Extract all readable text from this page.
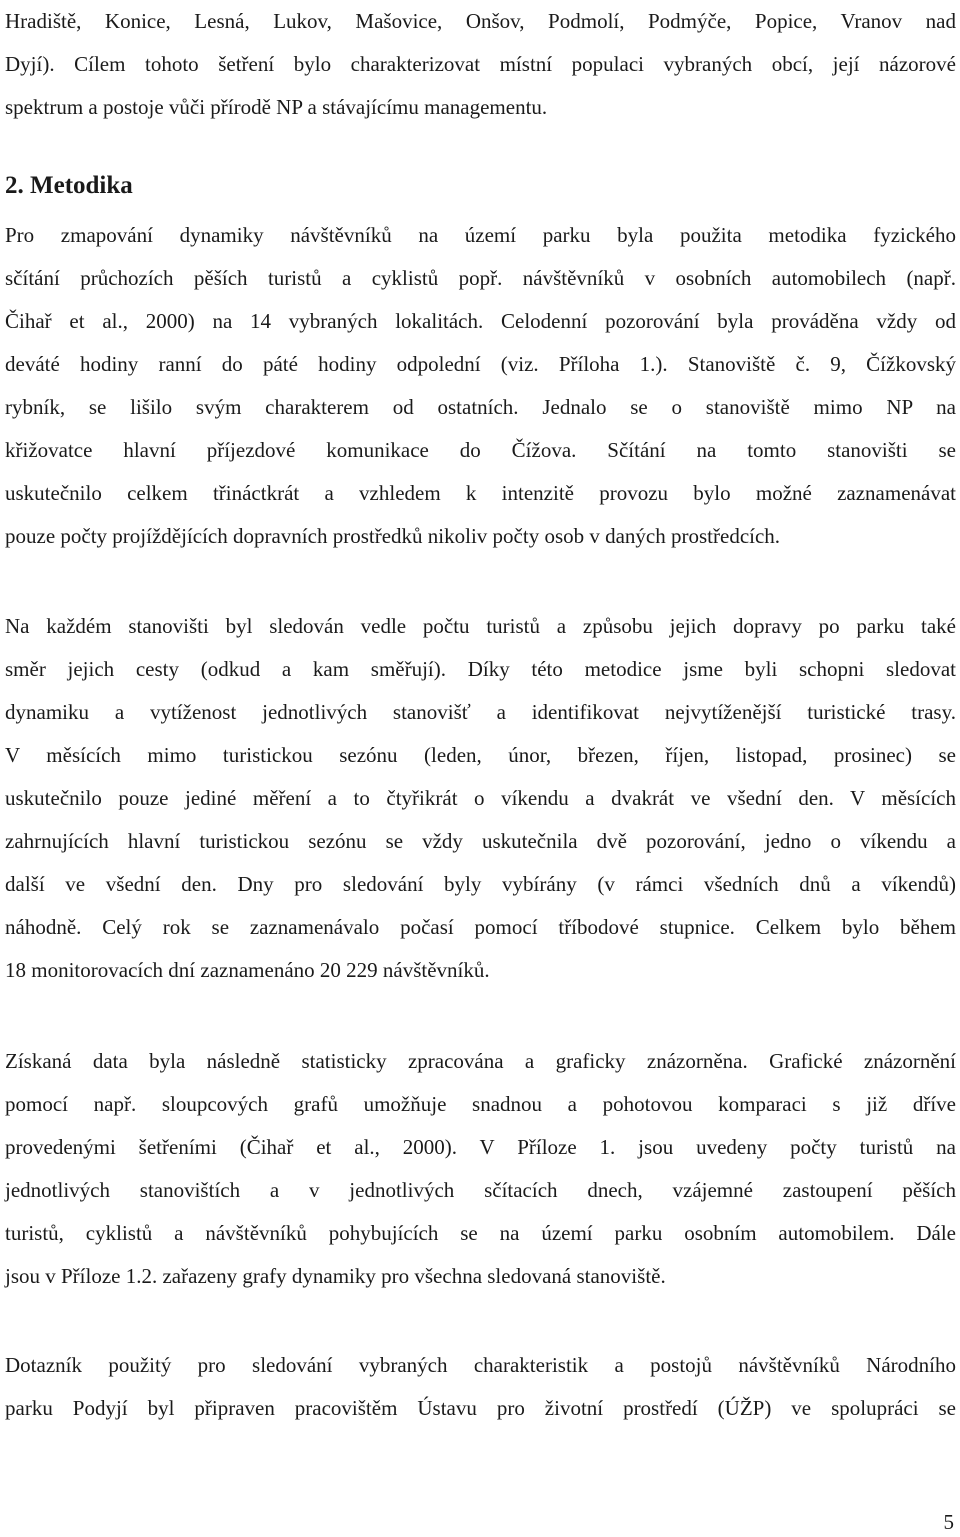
Hradiště, Konice, Lesná, Lukov, Mašovice, Onšov, Podmolí, Podmýče, Popice, Vranov nad
Dyjí). Cílem tohoto šetření bylo charakterizovat místní populaci vybraných obcí, její názorové
spektrum a postoje vůči přírodě NP a stávajícímu managementu.
2. Metodika
Pro zmapování dynamiky návštěvníků na území parku byla použita metodika fyzického
sčítání průchozích pěších turistů a cyklistů popř. návštěvníků v osobních automobilech (např.
Čihař et al., 2000) na 14 vybraných lokalitách. Celodenní pozorování byla prováděna vždy od
deváté hodiny ranní do páté hodiny odpolední (viz. Příloha 1.). Stanoviště č. 9, Čížkovský
rybník, se lišilo svým charakterem od ostatních. Jednalo se o stanoviště mimo NP na
křižovatce hlavní příjezdové komunikace do Čížova. Sčítání na tomto stanovišti se
uskutečnilo celkem třináctkrát a vzhledem k intenzitě provozu bylo možné zaznamenávat
pouze počty projíždějících dopravních prostředků nikoliv počty osob v daných prostředcích.
Na každém stanovišti byl sledován vedle počtu turistů a způsobu jejich dopravy po parku také
směr jejich cesty (odkud a kam směřují). Díky této metodice jsme byli schopni sledovat
dynamiku a vytíženost jednotlivých stanovišť a identifikovat nejvytíženější turistické trasy.
V měsících mimo turistickou sezónu (leden, únor, březen, říjen, listopad, prosinec) se
uskutečnilo pouze jediné měření a to čtyřikrát o víkendu a dvakrát ve všední den. V měsících
zahrnujících hlavní turistickou sezónu se vždy uskutečnila dvě pozorování, jedno o víkendu a
další ve všední den. Dny pro sledování byly vybírány (v rámci všedních dnů a víkendů)
náhodně. Celý rok se zaznamenávalo počasí pomocí tříbodové stupnice. Celkem bylo během
18 monitorovacích dní zaznamenáno 20 229 návštěvníků.
Získaná data byla následně statisticky zpracována a graficky znázorněna. Grafické znázornění
pomocí např. sloupcových grafů umožňuje snadnou a pohotovou komparaci s již dříve
provedenými šetřeními (Čihař et al., 2000). V Příloze 1. jsou uvedeny počty turistů na
jednotlivých stanovištích a v jednotlivých sčítacích dnech, vzájemné zastoupení pěších
turistů, cyklistů a návštěvníků pohybujících se na území parku osobním automobilem. Dále
jsou v Příloze 1.2. zařazeny grafy dynamiky pro všechna sledovaná stanoviště.
Dotazník použitý pro sledování vybraných charakteristik a postojů návštěvníků Národního
parku Podyjí byl připraven pracovištěm Ústavu pro životní prostředí (ÚŽP) ve spolupráci se
5
